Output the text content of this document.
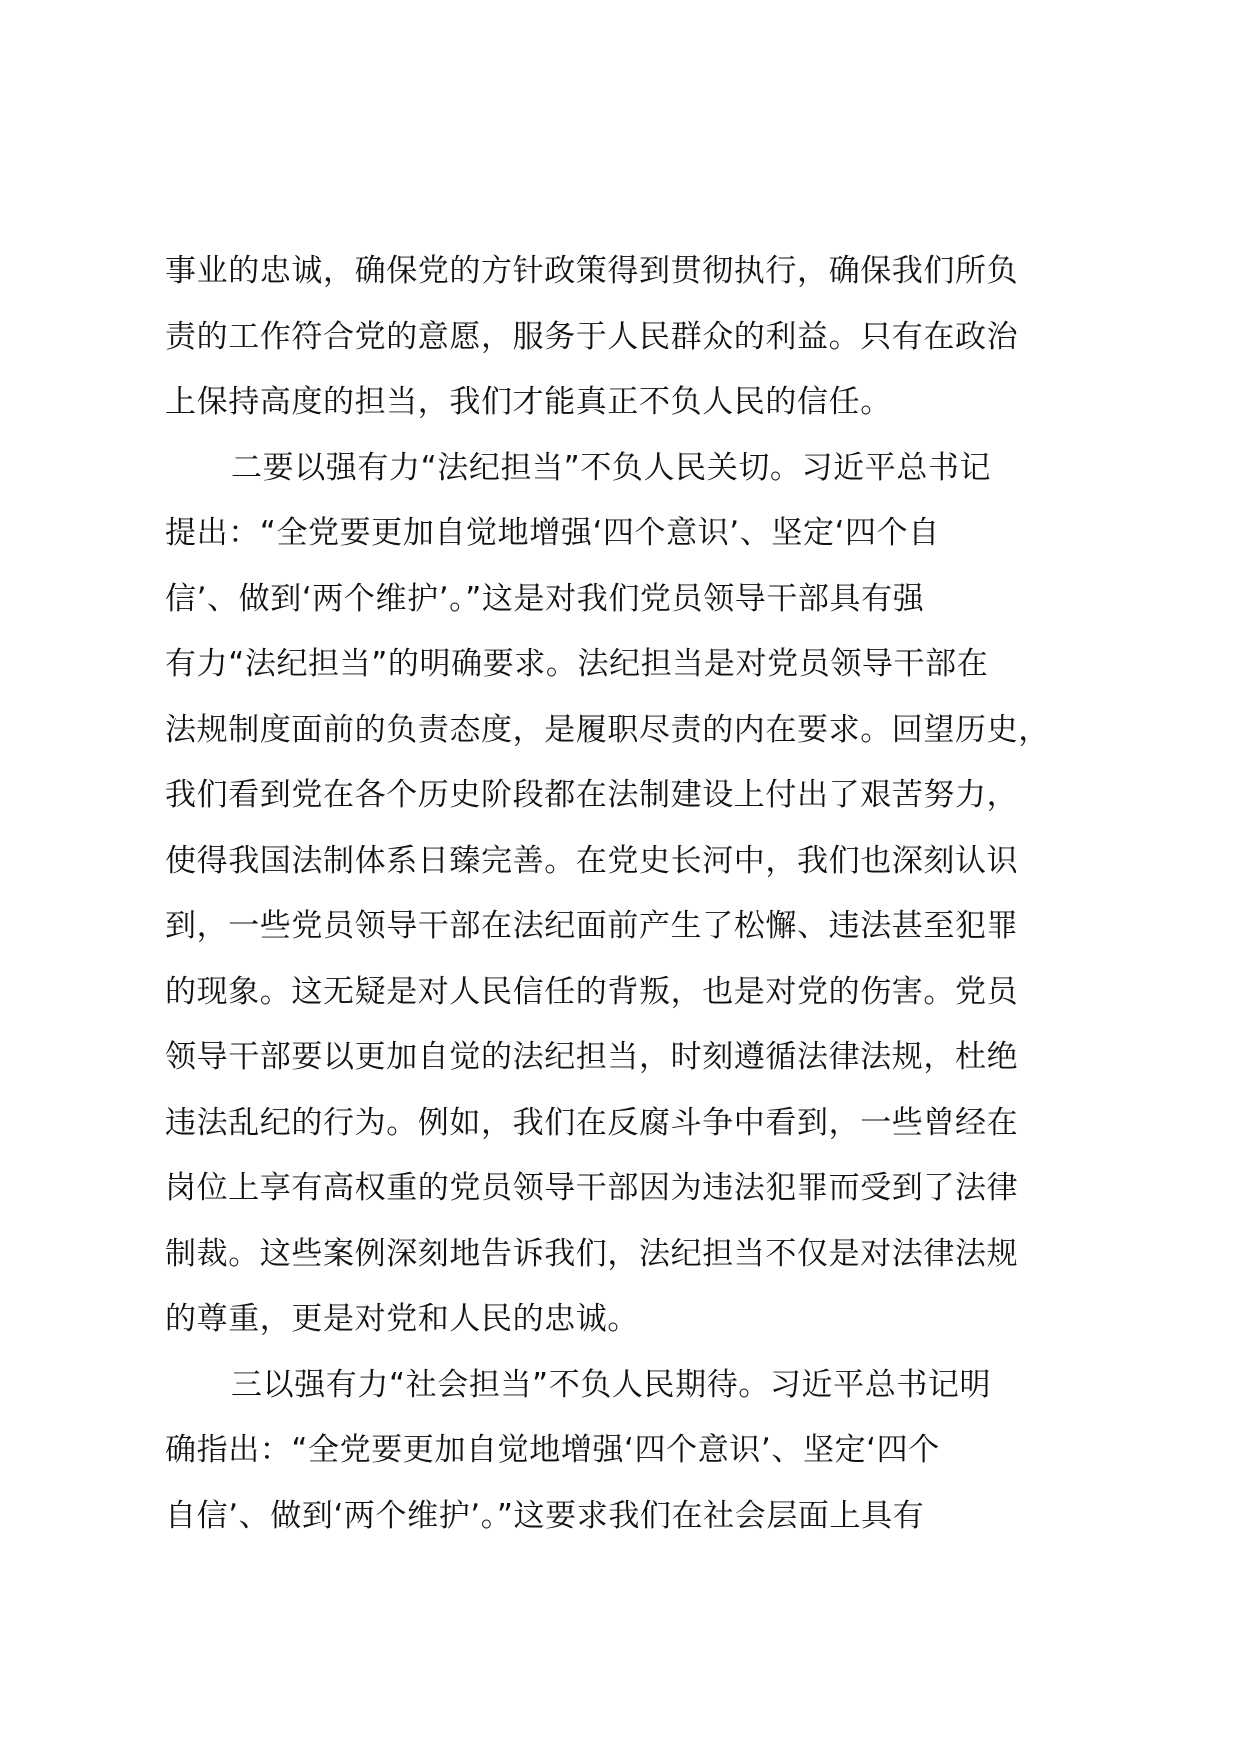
事业的忠诚，确保党的方针政策得到贯彻执行，确保我们所负
责的工作符合党的意愿，服务于人民群众的利益。只有在政治
上保持高度的担当，我们才能真正不负人民的信任。
二要以强有力“法纪担当”不负人民关切。习近平总书记
提出：“全党要更加自觉地增强‘四个意识’、坚定‘四个自
信’、做到‘两个维护’。”这是对我们党员领导干部具有强
有力“法纪担当”的明确要求。法纪担当是对党员领导干部在
法规制度面前的负责态度，是履职尽责的内在要求。回望历史，
我们看到党在各个历史阶段都在法制建设上付出了艰苦努力，
使得我国法制体系日臻完善。在党史长河中，我们也深刻认识
到，一些党员领导干部在法纪面前产生了松懈、违法甚至犯罪
的现象。这无疑是对人民信任的背叛，也是对党的伤害。党员
领导干部要以更加自觉的法纪担当，时刻遵循法律法规，杜绝
违法乱纪的行为。例如，我们在反腐斗争中看到，一些曾经在
岗位上享有高权重的党员领导干部因为违法犯罪而受到了法律
制裁。这些案例深刻地告诉我们，法纪担当不仅是对法律法规
的尊重，更是对党和人民的忠诚。
三以强有力“社会担当”不负人民期待。习近平总书记明
确指出：“全党要更加自觉地增强‘四个意识’、坚定‘四个
自信’、做到‘两个维护’。”这要求我们在社会层面上具有
